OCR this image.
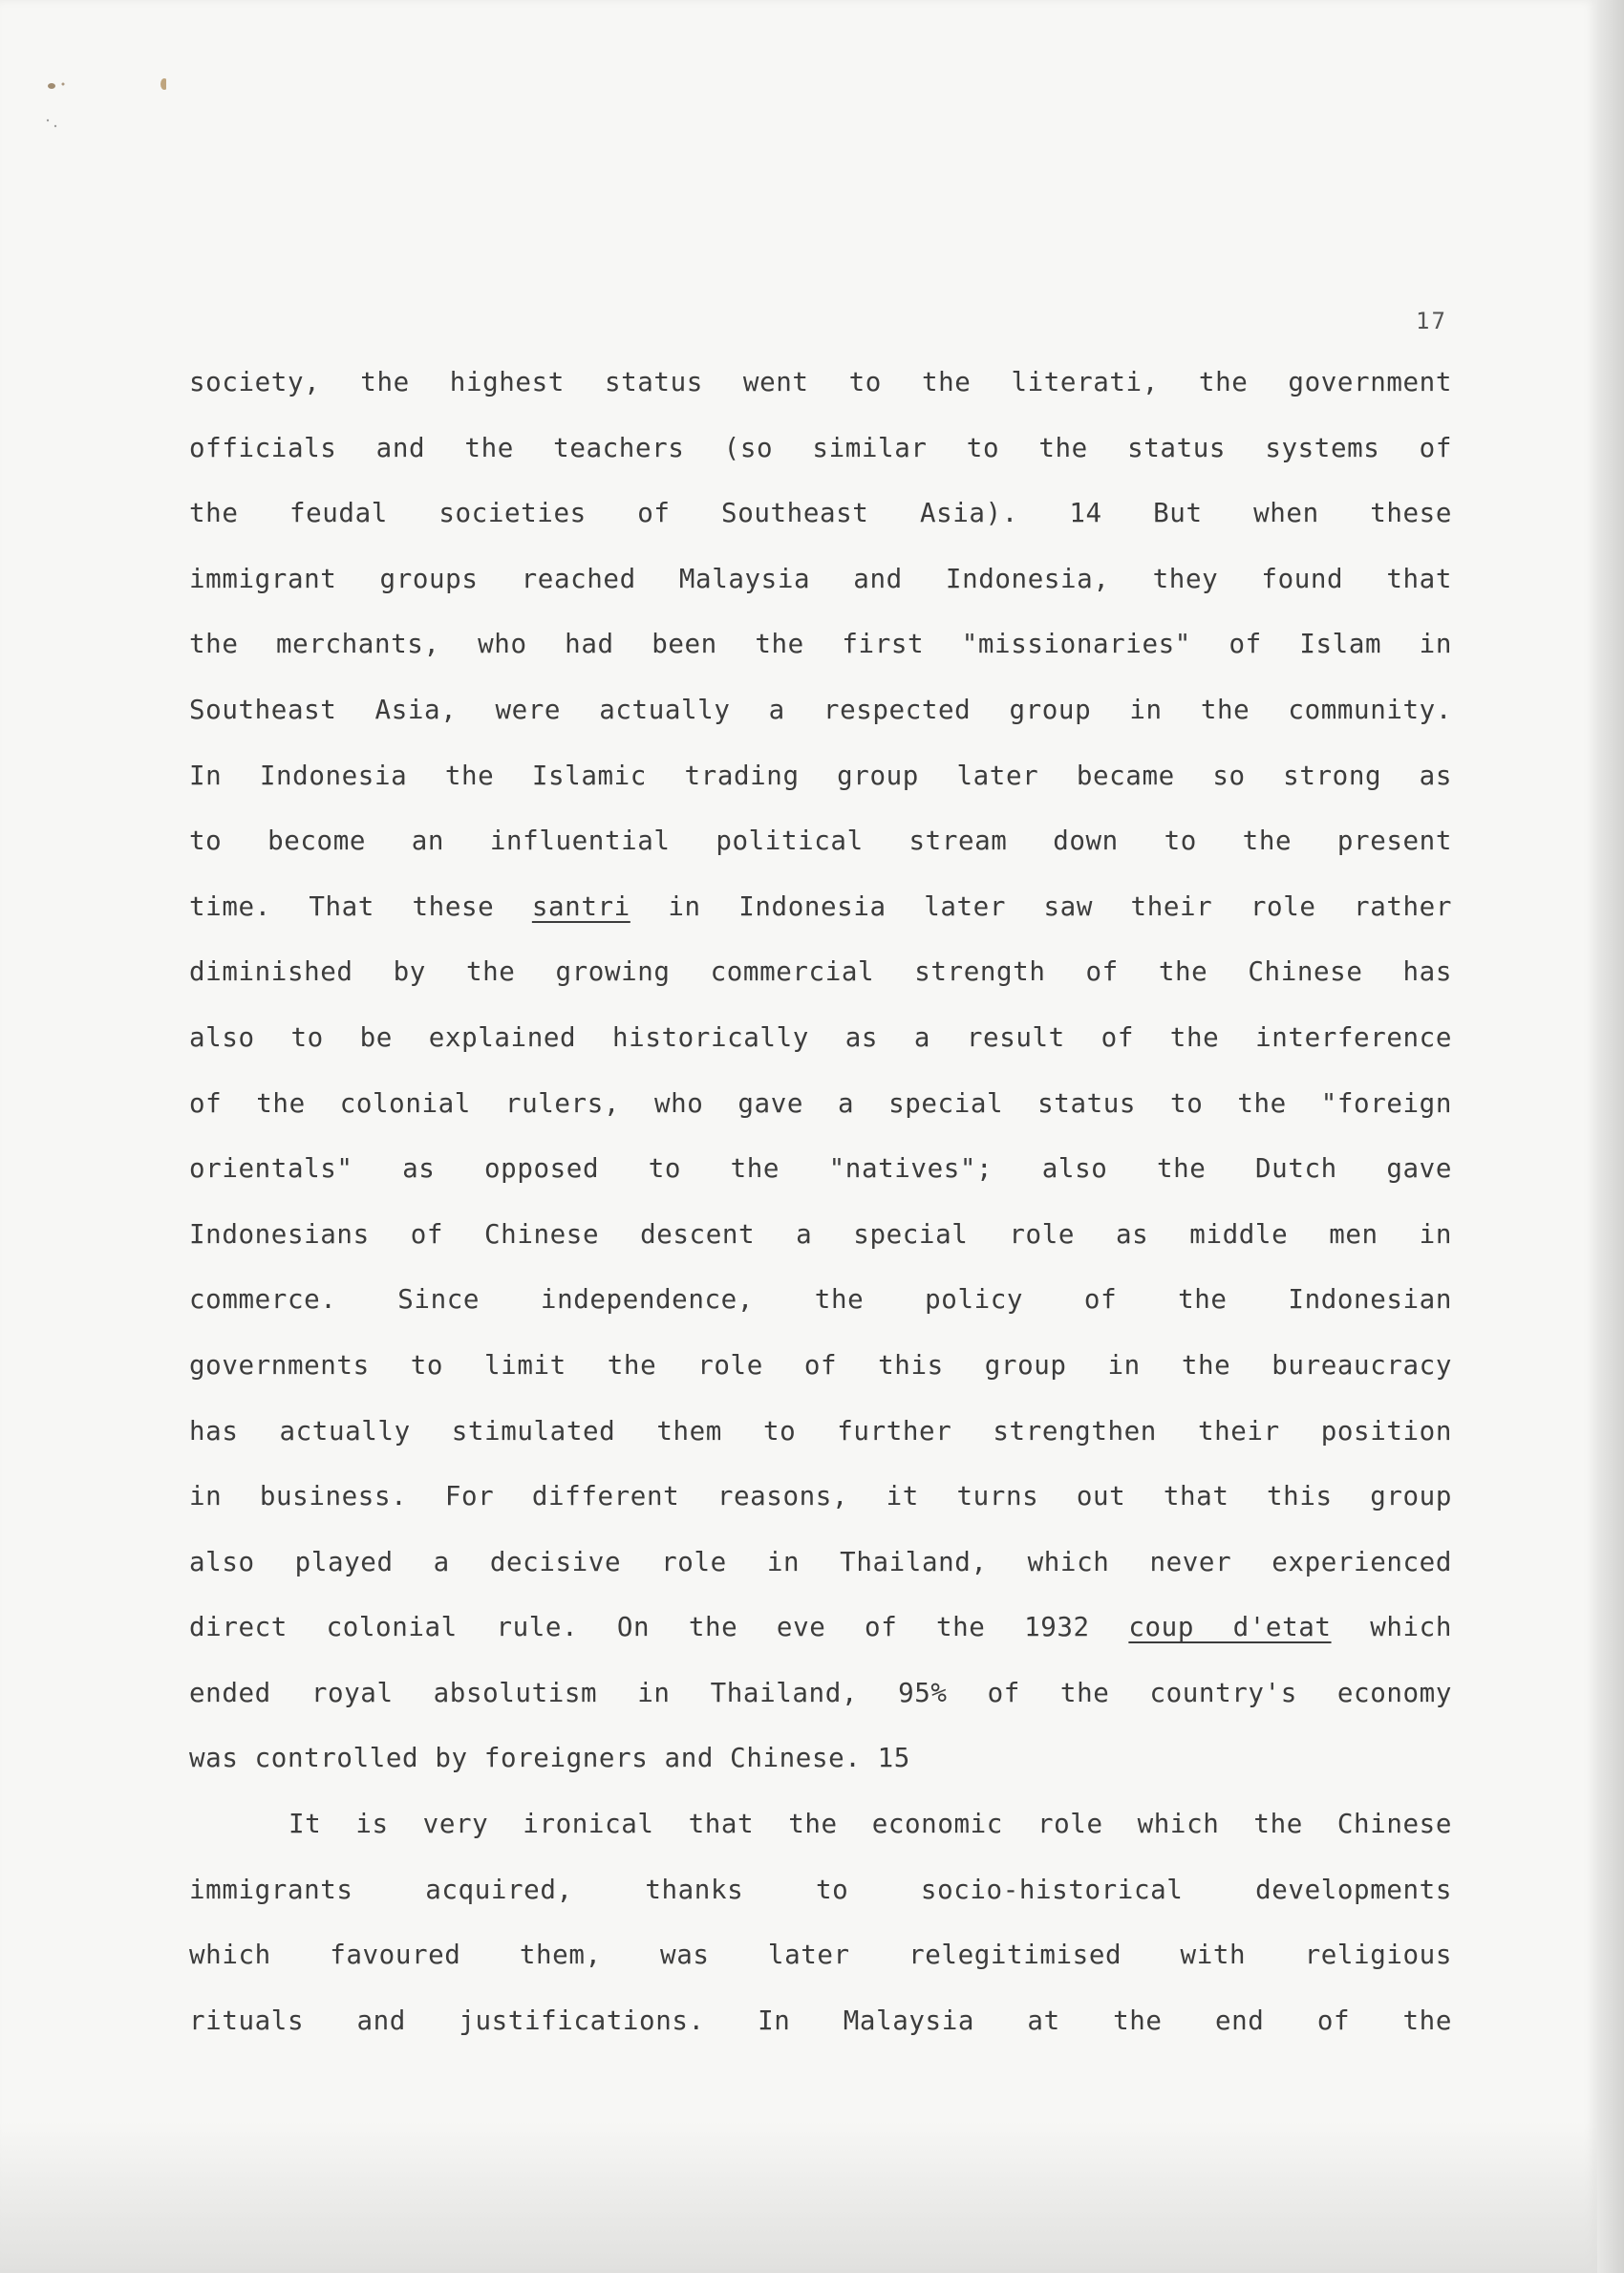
17
society, the highest status went to the literati, the government
officials and the teachers (so similar to the status systems of
the feudal societies of Southeast Asia). 14 But when these
immigrant groups reached Malaysia and Indonesia, they found that
the merchants, who had been the first "missionaries" of Islam in
Southeast Asia, were actually a respected group in the community.
In Indonesia the Islamic trading group later became so strong as
to become an influential political stream down to the present
time. That these santri in Indonesia later saw their role rather
diminished by the growing commercial strength of the Chinese has
also to be explained historically as a result of the interference
of the colonial rulers, who gave a special status to the "foreign
orientals" as opposed to the "natives"; also the Dutch gave
Indonesians of Chinese descent a special role as middle men in
commerce. Since independence, the policy of the Indonesian
governments to limit the role of this group in the bureaucracy
has actually stimulated them to further strengthen their position
in business. For different reasons, it turns out that this group
also played a decisive role in Thailand, which never experienced
direct colonial rule. On the eve of the 1932 coup d'etat which
ended royal absolutism in Thailand, 95% of the country's economy
was controlled by foreigners and Chinese. 15
It is very ironical that the economic role which the Chinese
immigrants acquired, thanks to socio-historical developments
which favoured them, was later relegitimised with religious
rituals and justifications. In Malaysia at the end of the
